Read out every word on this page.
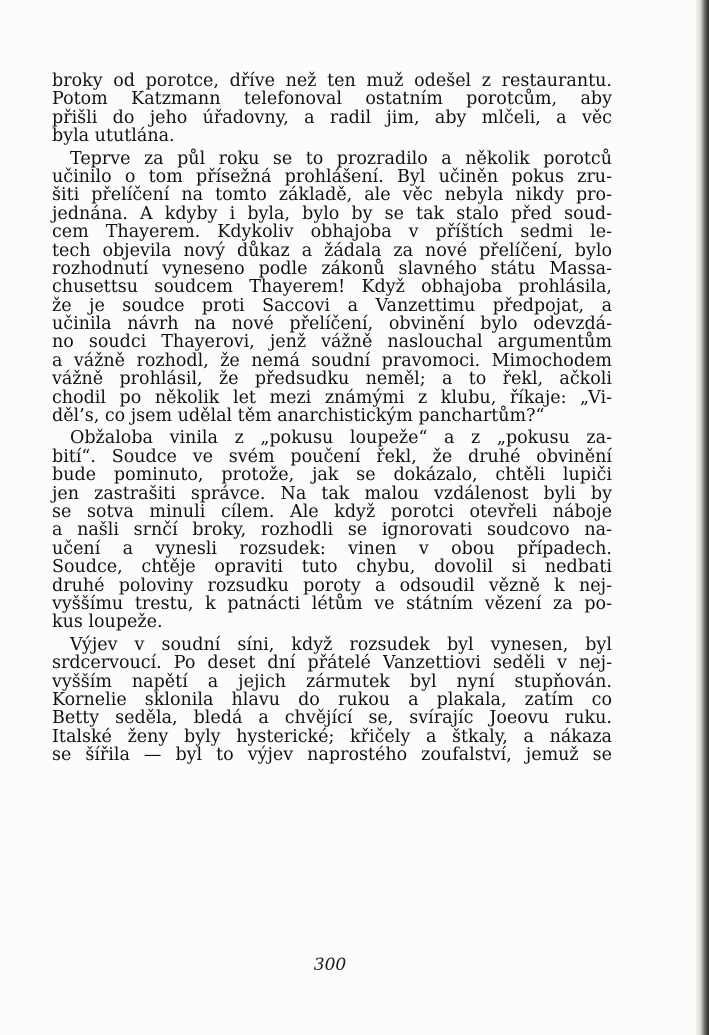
broky od porotce, dříve než ten muž odešel z restaurantu.
Potom Katzmann telefonoval ostatním porotcům, aby
přišli do jeho úřadovny, a radil jim, aby mlčeli, a věc
byla ututlána.
Teprve za půl roku se to prozradilo a několik porotců
učinilo o tom přísežná prohlášení. Byl učiněn pokus zru-
šiti přelíčení na tomto základě, ale věc nebyla nikdy pro-
jednána. A kdyby i byla, bylo by se tak stalo před soud-
cem Thayerem. Kdykoliv obhajoba v příštích sedmi le-
tech objevila nový důkaz a žádala za nové přelíčení, bylo
rozhodnutí vyneseno podle zákonů slavného státu Massa-
chusettsu soudcem Thayerem! Když obhajoba prohlásila,
že je soudce proti Saccovi a Vanzettimu předpojat, a
učinila návrh na nové přelíčení, obvinění bylo odevzdá-
no soudci Thayerovi, jenž vážně naslouchal argumentům
a vážně rozhodl, že nemá soudní pravomoci. Mimochodem
vážně prohlásil, že předsudku neměl; a to řekl, ačkoli
chodil po několik let mezi známými z klubu, říkaje: „Vi-
děl’s, co jsem udělal těm anarchistickým panchartům?“
Obžaloba vinila z „pokusu loupeže“ a z „pokusu za-
bití“. Soudce ve svém poučení řekl, že druhé obvinění
bude pominuto, protože, jak se dokázalo, chtěli lupiči
jen zastrašiti správce. Na tak malou vzdálenost byli by
se sotva minuli cílem. Ale když porotci otevřeli náboje
a našli srnčí broky, rozhodli se ignorovati soudcovo na-
učení a vynesli rozsudek: vinen v obou případech.
Soudce, chtěje opraviti tuto chybu, dovolil si nedbati
druhé poloviny rozsudku poroty a odsoudil vězně k nej-
vyššímu trestu, k patnácti létům ve státním vězení za po-
kus loupeže.
Výjev v soudní síni, když rozsudek byl vynesen, byl
srdcervoucí. Po deset dní přátelé Vanzettiovi seděli v nej-
vyšším napětí a jejich zármutek byl nyní stupňován.
Kornelie sklonila hlavu do rukou a plakala, zatím co
Betty seděla, bledá a chvějící se, svírajíc Joeovu ruku.
Italské ženy byly hysterické; křičely a štkaly, a nákaza
se šířila — byl to výjev naprostého zoufalství, jemuž se
300
